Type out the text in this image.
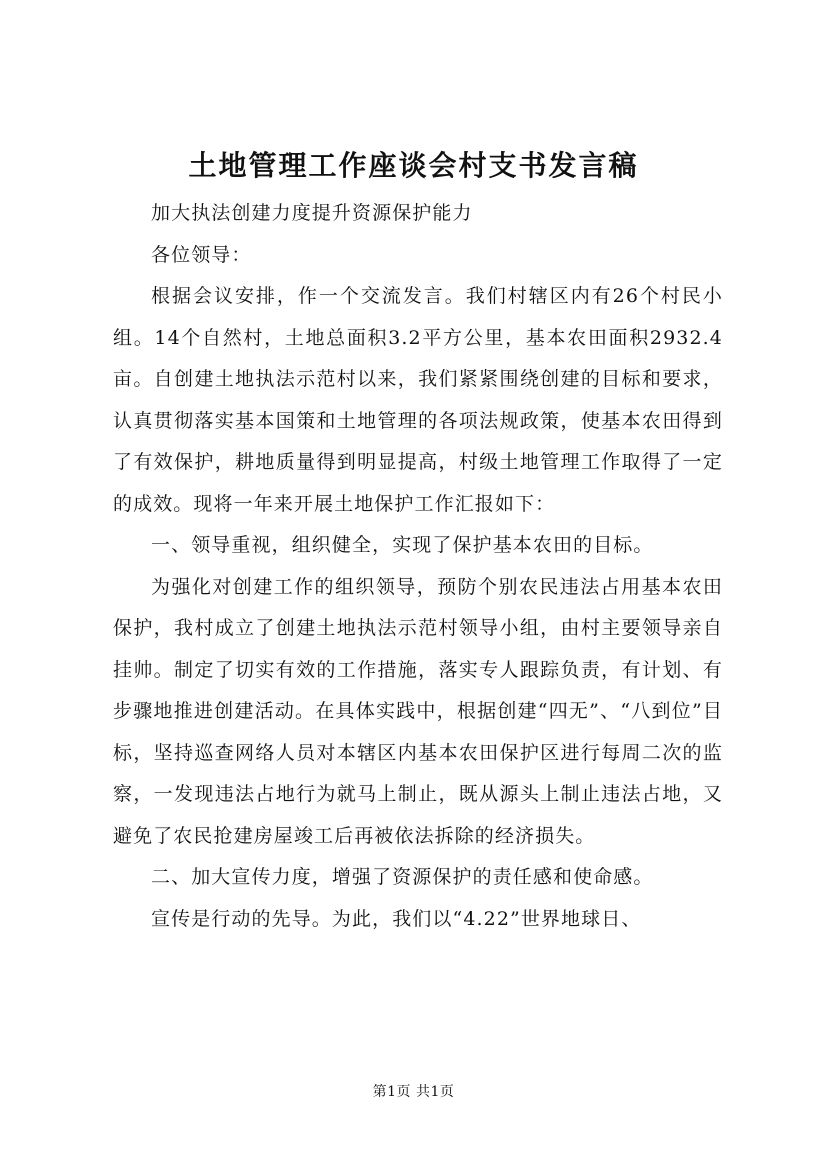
土地管理工作座谈会村支书发言稿

加大执法创建力度提升资源保护能力

各位领导：

根据会议安排，作一个交流发言。我们村辖区内有26个村民小组。14个自然村，土地总面积3.2平方公里，基本农田面积2932.4亩。自创建土地执法示范村以来，我们紧紧围绕创建的目标和要求，认真贯彻落实基本国策和土地管理的各项法规政策，使基本农田得到了有效保护，耕地质量得到明显提高，村级土地管理工作取得了一定的成效。现将一年来开展土地保护工作汇报如下：

一、领导重视，组织健全，实现了保护基本农田的目标。

为强化对创建工作的组织领导，预防个别农民违法占用基本农田保护，我村成立了创建土地执法示范村领导小组，由村主要领导亲自挂帅。制定了切实有效的工作措施，落实专人跟踪负责，有计划、有步骤地推进创建活动。在具体实践中，根据创建“四无”、“八到位”目标，坚持巡查网络人员对本辖区内基本农田保护区进行每周二次的监察，一发现违法占地行为就马上制止，既从源头上制止违法占地，又避免了农民抢建房屋竣工后再被依法拆除的经济损失。

二、加大宣传力度，增强了资源保护的责任感和使命感。

宣传是行动的先导。为此，我们以“4.22”世界地球日、

第1页 共1页
